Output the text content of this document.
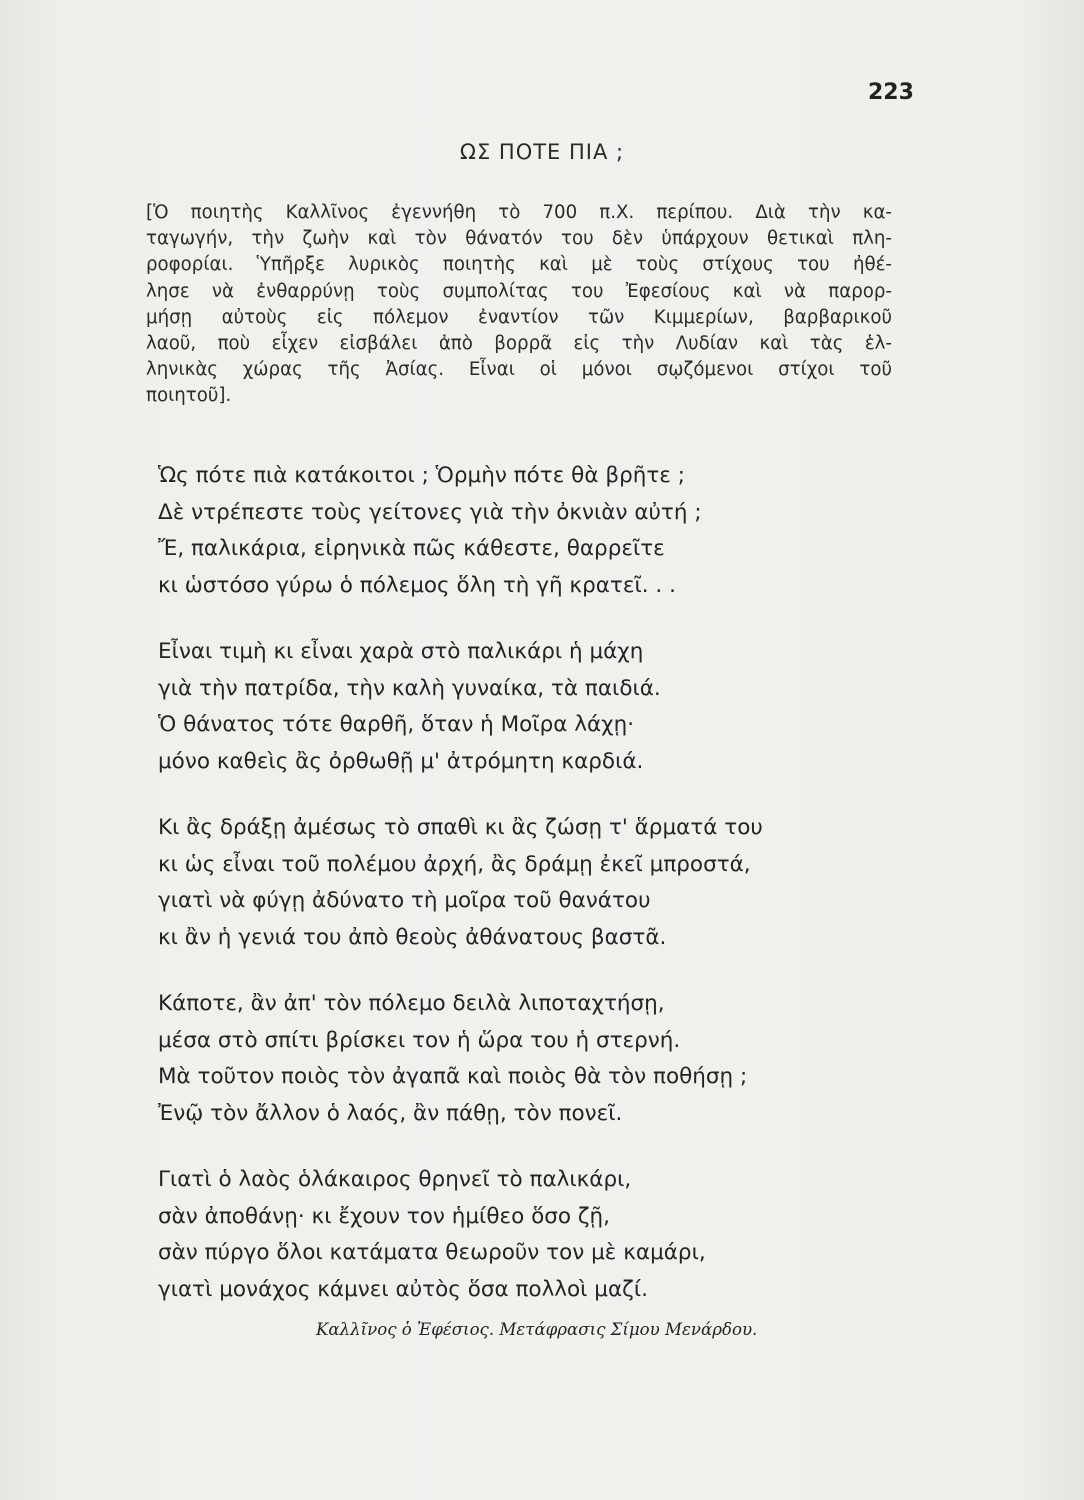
223
ΩΣ ΠΟΤΕ ΠΙΑ ;

[Ὁ ποιητὴς Καλλῖνος ἐγεννήθη τὸ 700 π.Χ. περίπου. Διὰ τὴν κα-

ταγωγήν, τὴν ζωὴν καὶ τὸν θάνατόν του δὲν ὑπάρχουν θετικαὶ πλη-

ροφορίαι. Ὑπῆρξε λυρικὸς ποιητὴς καὶ μὲ τοὺς στίχους του ἠθέ-

λησε νὰ ἐνθαρρύνῃ τοὺς συμπολίτας του Ἐφεσίους καὶ νὰ παρορ-

μήσῃ αὐτοὺς εἰς πόλεμον ἐναντίον τῶν Κιμμερίων, βαρβαρικοῦ

λαοῦ, ποὺ εἶχεν εἰσβάλει ἀπὸ βορρᾶ εἰς τὴν Λυδίαν καὶ τὰς ἑλ-

ληνικὰς χώρας τῆς Ἀσίας. Εἶναι οἱ μόνοι σῳζόμενοι στίχοι τοῦ

ποιητοῦ].

Ὡς πότε πιὰ κατάκοιτοι ; Ὁρμὴν πότε θὰ βρῆτε ;
Δὲ ντρέπεστε τοὺς γείτονες γιὰ τὴν ὀκνιὰν αὐτή ;
Ἔ, παλικάρια, εἰρηνικὰ πῶς κάθεστε, θαρρεῖτε
κι ὡστόσο γύρω ὁ πόλεμος ὅλη τὴ γῆ κρατεῖ. . .
Εἶναι τιμὴ κι εἶναι χαρὰ στὸ παλικάρι ἡ μάχη
γιὰ τὴν πατρίδα, τὴν καλὴ γυναίκα, τὰ παιδιά.
Ὁ θάνατος τότε θαρθῆ, ὅταν ἡ Μοῖρα λάχῃ·
μόνο καθεὶς ἂς ὀρθωθῇ μ' ἀτρόμητη καρδιά.
Κι ἂς δράξῃ ἀμέσως τὸ σπαθὶ κι ἂς ζώσῃ τ' ἅρματά του
κι ὡς εἶναι τοῦ πολέμου ἀρχή, ἂς δράμῃ ἐκεῖ μπροστά,
γιατὶ νὰ φύγῃ ἀδύνατο τὴ μοῖρα τοῦ θανάτου
κι ἂν ἡ γενιά του ἀπὸ θεοὺς ἀθάνατους βαστᾶ.
Κάποτε, ἂν ἀπ' τὸν πόλεμο δειλὰ λιποταχτήσῃ,
μέσα στὸ σπίτι βρίσκει τον ἡ ὥρα του ἡ στερνή.
Μὰ τοῦτον ποιὸς τὸν ἀγαπᾶ καὶ ποιὸς θὰ τὸν ποθήσῃ ;
Ἐνῷ τὸν ἄλλον ὁ λαός, ἂν πάθῃ, τὸν πονεῖ.
Γιατὶ ὁ λαὸς ὁλάκαιρος θρηνεῖ τὸ παλικάρι,
σὰν ἀποθάνῃ· κι ἔχουν τον ἡμίθεο ὅσο ζῇ,
σὰν πύργο ὅλοι κατάματα θεωροῦν τον μὲ καμάρι,
γιατὶ μονάχος κάμνει αὐτὸς ὅσα πολλοὶ μαζί.
Καλλῖνος ὁ Ἐφέσιος. Μετάφρασις Σίμου Μενάρδου.
